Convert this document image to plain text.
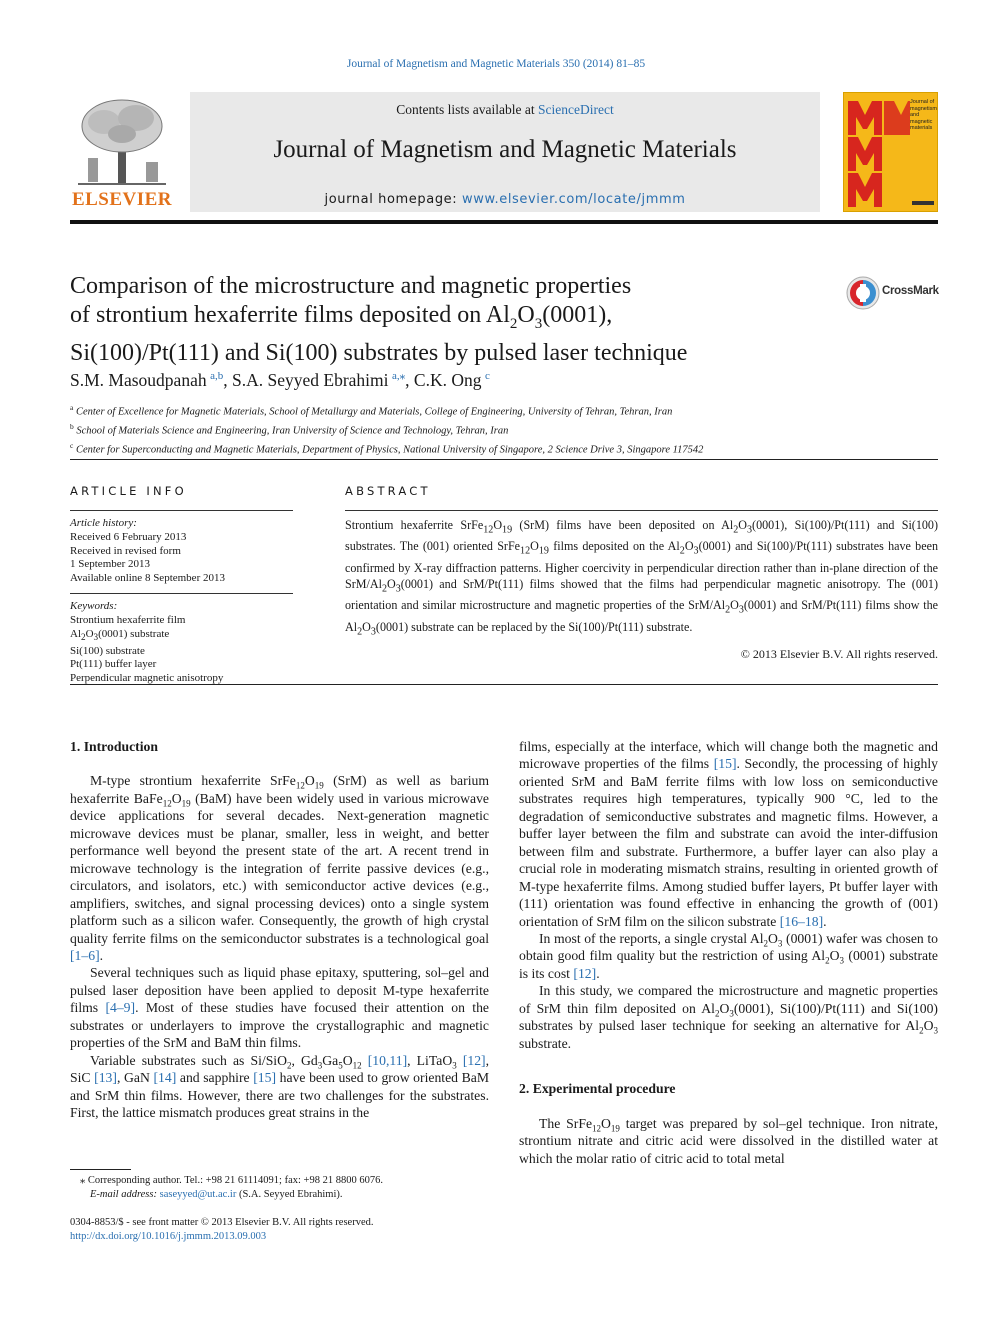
Journal of Magnetism and Magnetic Materials 350 (2014) 81–85
ELSEVIER
Contents lists available at ScienceDirect
Journal of Magnetism and Magnetic Materials
journal homepage: www.elsevier.com/locate/jmmm
Journal of magnetism and magnetic materials
Comparison of the microstructure and magnetic properties
of strontium hexaferrite films deposited on $Al_2O_3(0001)$,
Si(100)/Pt(111) and Si(100) substrates by pulsed laser technique
CrossMark
S.M. Masoudpanah  $^{a,b}$, S.A. Seyyed Ebrahimi  $^{a,⁎}$, C.K. Ong  $^c$
$^a$ Center of Excellence for Magnetic Materials, School of Metallurgy and Materials, College of Engineering, University of Tehran, Tehran, Iran
$^b$ School of Materials Science and Engineering, Iran University of Science and Technology, Tehran, Iran
$^c$ Center for Superconducting and Magnetic Materials, Department of Physics, National University of Singapore, 2 Science Drive 3, Singapore 117542
ARTICLE INFO
Article history:
Received 6 February 2013
Received in revised form
1 September 2013
Available online 8 September 2013
Keywords:
Strontium hexaferrite film
$Al_2O_3(0001)$ substrate
Si(100) substrate
Pt(111) buffer layer
Perpendicular magnetic anisotropy
ABSTRACT
Strontium hexaferrite $SrFe_{12}O_{19}$ (SrM) films have been deposited on $Al_2O_3(0001)$, Si(100)/Pt(111) and Si(100) substrates. The (001) oriented $SrFe_{12}O_{19}$ films deposited on the $Al_2O_3(0001)$ and Si(100)/Pt(111) substrates have been confirmed by X-ray diffraction patterns. Higher coercivity in perpendicular direction rather than in-plane direction of the SrM/$Al_2O_3(0001)$ and SrM/Pt(111) films showed that the films had perpendicular magnetic anisotropy. The (001) orientation and similar microstructure and magnetic properties of the SrM/$Al_2O_3(0001)$ and SrM/Pt(111) films show the $Al_2O_3(0001)$ substrate can be replaced by the Si(100)/Pt(111) substrate.
© 2013 Elsevier B.V. All rights reserved.
1. Introduction

M-type strontium hexaferrite $SrFe_{12}O_{19}$ (SrM) as well as barium hexaferrite $BaFe_{12}O_{19}$ (BaM) have been widely used in various microwave device applications for several decades. Next-generation magnetic microwave devices must be planar, smaller, less in weight, and better performance well beyond the present state of the art. A recent trend in microwave technology is the integration of ferrite passive devices (e.g., circulators, and isolators, etc.) with semiconductor active devices (e.g., amplifiers, switches, and signal processing devices) onto a single system platform such as a silicon wafer. Consequently, the growth of high crystal quality ferrite films on the semiconductor substrates is a technological goal [1–6].

Several techniques such as liquid phase epitaxy, sputtering, sol–gel and pulsed laser deposition have been applied to deposit M-type hexaferrite films [4–9]. Most of these studies have focused their attention on the substrates or underlayers to improve the crystallographic and magnetic properties of the SrM and BaM thin films.

Variable substrates such as Si/SiO$_2$, $Gd_3Ga_5O_{12}$ [10,11], LiTaO$_3$ [12], SiC [13], GaN [14] and sapphire [15] have been used to grow oriented BaM and SrM thin films. However, there are two challenges for the substrates. First, the lattice mismatch produces great strains in the

films, especially at the interface, which will change both the magnetic and microwave properties of the films [15]. Secondly, the processing of highly oriented SrM and BaM ferrite films with low loss on semiconductive substrates requires high temperatures, typically 900 °C, led to the degradation of semiconductive substrates and magnetic films. However, a buffer layer between the film and substrate can avoid the inter-diffusion between film and substrate. Furthermore, a buffer layer can also play a crucial role in moderating mismatch strains, resulting in oriented growth of M-type hexaferrite films. Among studied buffer layers, Pt buffer layer with (111) orientation was found effective in enhancing the growth of (001) orientation of SrM film on the silicon substrate [16–18].

In most of the reports, a single crystal $Al_2O_3$ (0001) wafer was chosen to obtain good film quality but the restriction of using $Al_2O_3$ (0001) substrate is its cost [12].

In this study, we compared the microstructure and magnetic properties of SrM thin film deposited on $Al_2O_3(0001)$, Si(100)/Pt(111) and Si(100) substrates by pulsed laser technique for seeking an alternative for $Al_2O_3$ substrate.

2. Experimental procedure

The $SrFe_{12}O_{19}$ target was prepared by sol–gel technique. Iron nitrate, strontium nitrate and citric acid were dissolved in the distilled water at which the molar ratio of citric acid to total metal

⁎ Corresponding author. Tel.: +98 21 61114091; fax: +98 21 8800 6076.
E-mail address: saseyyed@ut.ac.ir (S.A. Seyyed Ebrahimi).
0304-8853/$ - see front matter © 2013 Elsevier B.V. All rights reserved.
http://dx.doi.org/10.1016/j.jmmm.2013.09.003
